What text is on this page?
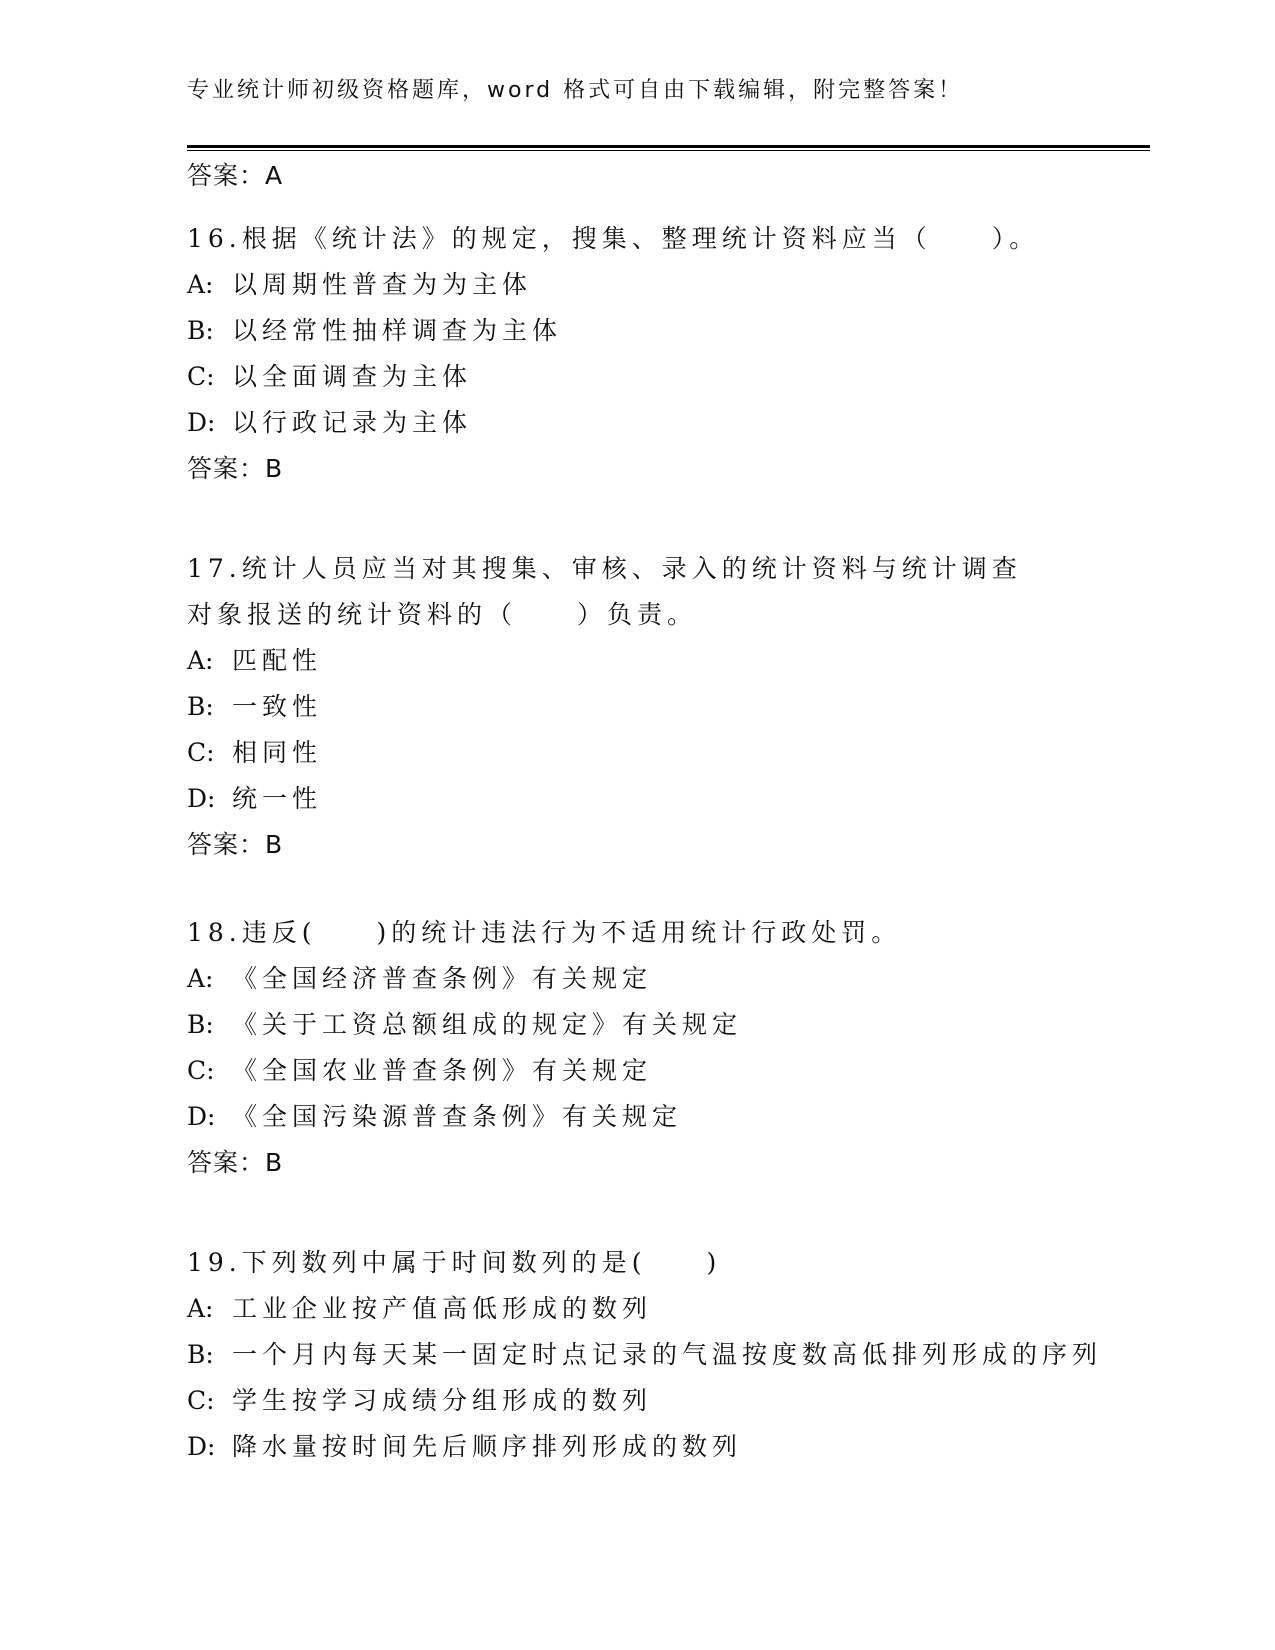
专业统计师初级资格题库，word 格式可自由下载编辑，附完整答案！
答案：A
16.根据《统计法》的规定，搜集、整理统计资料应当（　　）。
A: 以周期性普查为为主体
B: 以经常性抽样调查为主体
C: 以全面调查为主体
D: 以行政记录为主体
答案：B
17.统计人员应当对其搜集、审核、录入的统计资料与统计调查对象报送的统计资料的（　　）负责。
A: 匹配性
B: 一致性
C: 相同性
D: 统一性
答案：B
18.违反(　　)的统计违法行为不适用统计行政处罚。
A: 《全国经济普查条例》有关规定
B: 《关于工资总额组成的规定》有关规定
C: 《全国农业普查条例》有关规定
D: 《全国污染源普查条例》有关规定
答案：B
19.下列数列中属于时间数列的是(　　)
A: 工业企业按产值高低形成的数列
B: 一个月内每天某一固定时点记录的气温按度数高低排列形成的序列
C: 学生按学习成绩分组形成的数列
D: 降水量按时间先后顺序排列形成的数列
